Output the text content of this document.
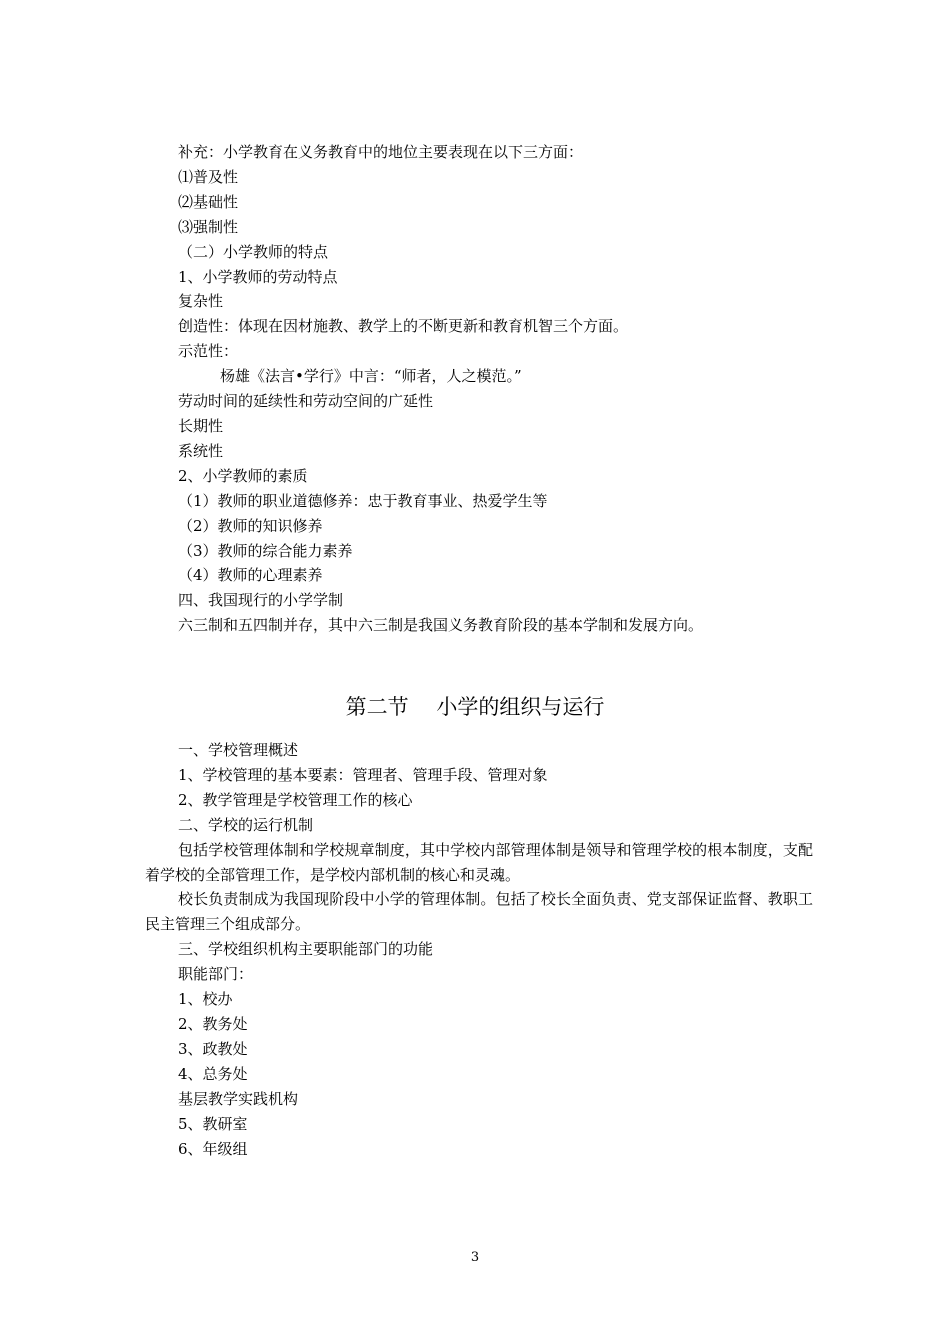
补充：小学教育在义务教育中的地位主要表现在以下三方面：
⑴普及性
⑵基础性
⑶强制性
（二）小学教师的特点
1、小学教师的劳动特点
复杂性
创造性：体现在因材施教、教学上的不断更新和教育机智三个方面。
示范性：
杨雄《法言•学行》中言：“师者，人之模范。”
劳动时间的延续性和劳动空间的广延性
长期性
系统性
2、小学教师的素质
（1）教师的职业道德修养：忠于教育事业、热爱学生等
（2）教师的知识修养
（3）教师的综合能力素养
（4）教师的心理素养
四、我国现行的小学学制
六三制和五四制并存，其中六三制是我国义务教育阶段的基本学制和发展方向。
第二节　 小学的组织与运行
一、学校管理概述
1、学校管理的基本要素：管理者、管理手段、管理对象
2、教学管理是学校管理工作的核心
二、学校的运行机制
包括学校管理体制和学校规章制度，其中学校内部管理体制是领导和管理学校的根本制度，支配着学校的全部管理工作，是学校内部机制的核心和灵魂。
校长负责制成为我国现阶段中小学的管理体制。包括了校长全面负责、党支部保证监督、教职工民主管理三个组成部分。
三、学校组织机构主要职能部门的功能
职能部门：
1、校办
2、教务处
3、政教处
4、总务处
基层教学实践机构
5、教研室
6、年级组
3
